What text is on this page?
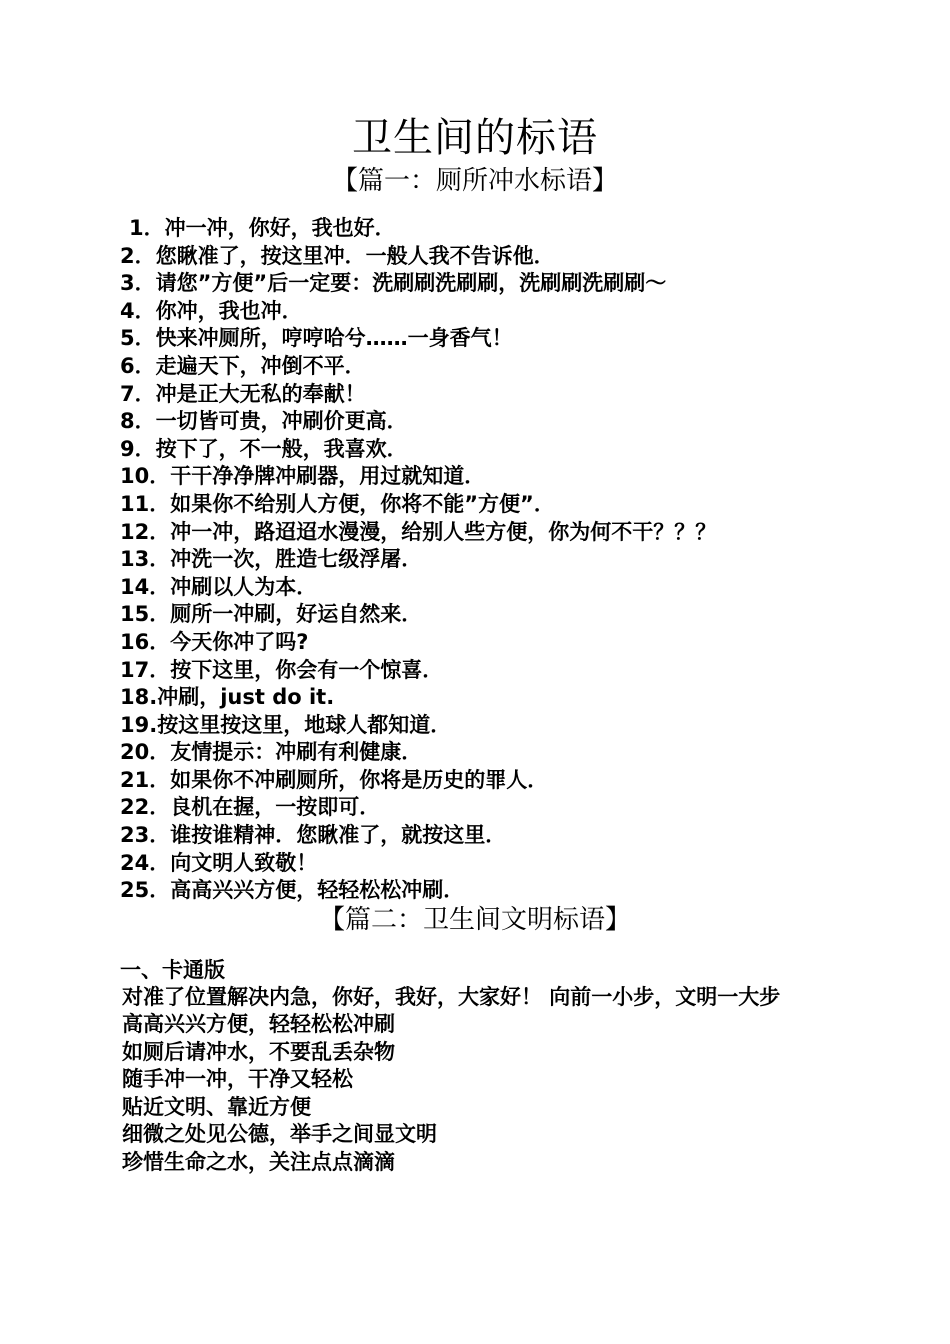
卫生间的标语
【篇一：厕所冲水标语】
1．冲一冲，你好，我也好．
2．您瞅准了，按这里冲．一般人我不告诉他．
3．请您”方便”后一定要：洗刷刷洗刷刷，洗刷刷洗刷刷～
4．你冲，我也冲．
5．快来冲厕所，哼哼哈兮……一身香气！
6．走遍天下，冲倒不平．
7．冲是正大无私的奉献！
8．一切皆可贵，冲刷价更高．
9．按下了，不一般，我喜欢．
10．干干净净牌冲刷器，用过就知道．
11．如果你不给别人方便，你将不能”方便”．
12．冲一冲，路迢迢水漫漫，给别人些方便，你为何不干？？？
13．冲洗一次，胜造七级浮屠．
14．冲刷以人为本．
15．厕所一冲刷，好运自然来．
16．今天你冲了吗?
17．按下这里，你会有一个惊喜．
18.冲刷，just do it.
19.按这里按这里，地球人都知道．
20．友情提示：冲刷有利健康．
21．如果你不冲刷厕所，你将是历史的罪人．
22．良机在握，一按即可．
23．谁按谁精神．您瞅准了，就按这里．
24．向文明人致敬！
25．高高兴兴方便，轻轻松松冲刷．
【篇二：卫生间文明标语】

一、卡通版

对准了位置解决内急，你好，我好，大家好！ 向前一小步，文明一大步

高高兴兴方便，轻轻松松冲刷
如厕后请冲水，不要乱丢杂物
随手冲一冲，干净又轻松
贴近文明、靠近方便
细微之处见公德，举手之间显文明
珍惜生命之水，关注点点滴滴
